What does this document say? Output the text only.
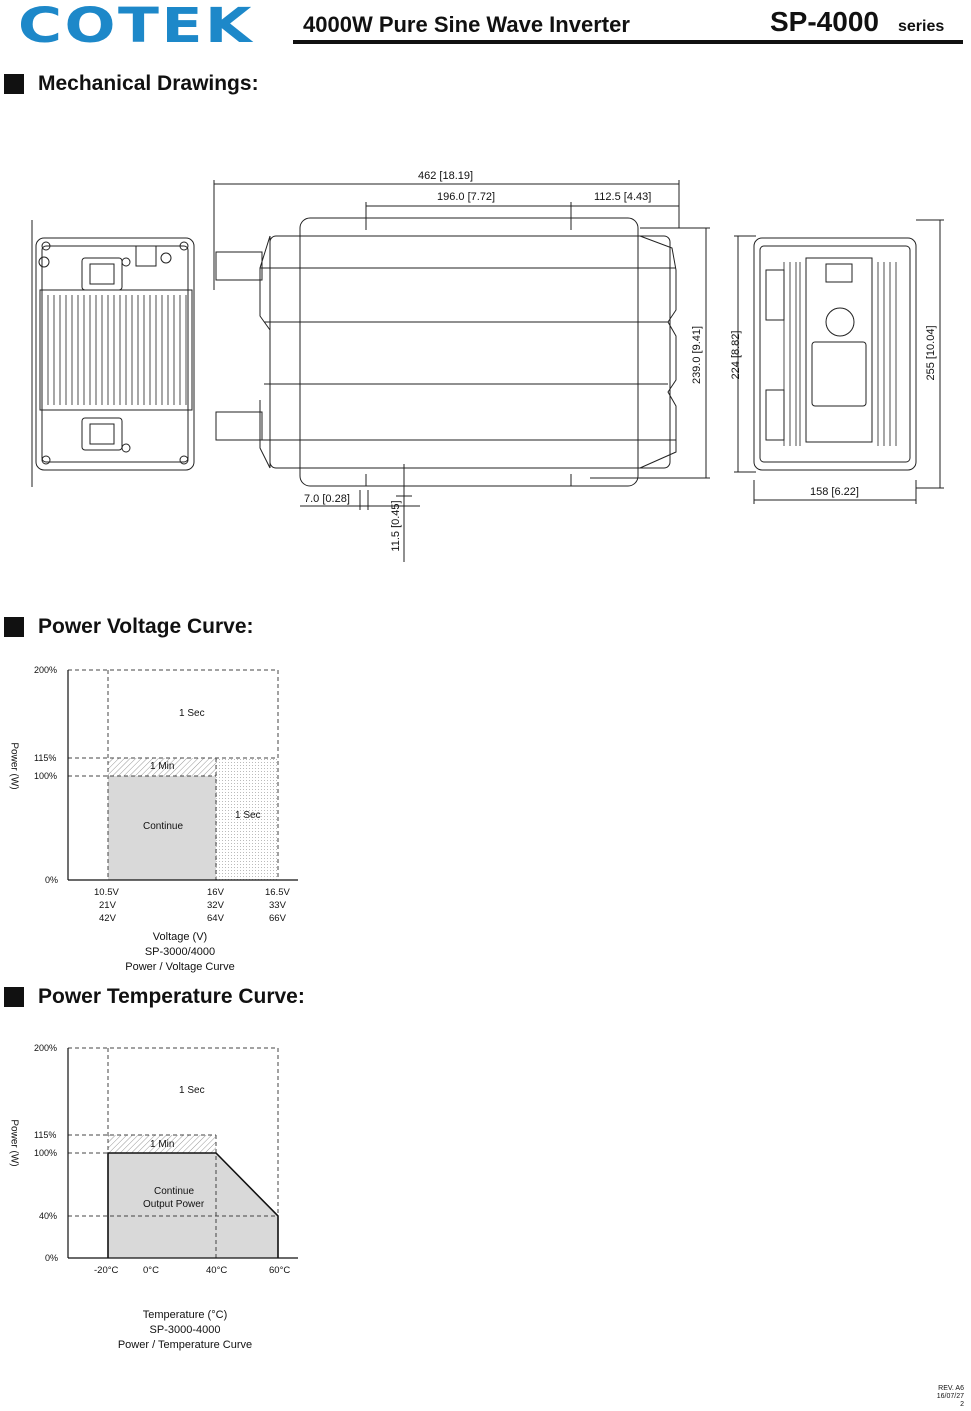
COTEK 4000W Pure Sine Wave Inverter	SP-4000 series
Mechanical Drawings:
Power Voltage Curve:
Power Temperature Curve:
462 [18.19]
196.0 [7.72]	112.5 [4.43]
7.0 [0.28]
158 [6.22]
239.0 [9.41] 224 [8.82]	255 [10.04]
11.5 [0.45]
Power (W)
200%
115%
100%
0%
1 Sec
1 Min
Continue
1 Sec
10.5V	16V	16.5V
21V	32V	33V
42V	64V	66V
Voltage (V)
SP-3000/4000
Power / Voltage Curve
Power (W)
200%
115%
100%
40%
0%
1 Sec
1 Min
Continue
Output Power
-20°C	0°C	40°C	60°C
Temperature (°C)
SP-3000-4000
Power / Temperature Curve
REV. A6
16/07/27
2
